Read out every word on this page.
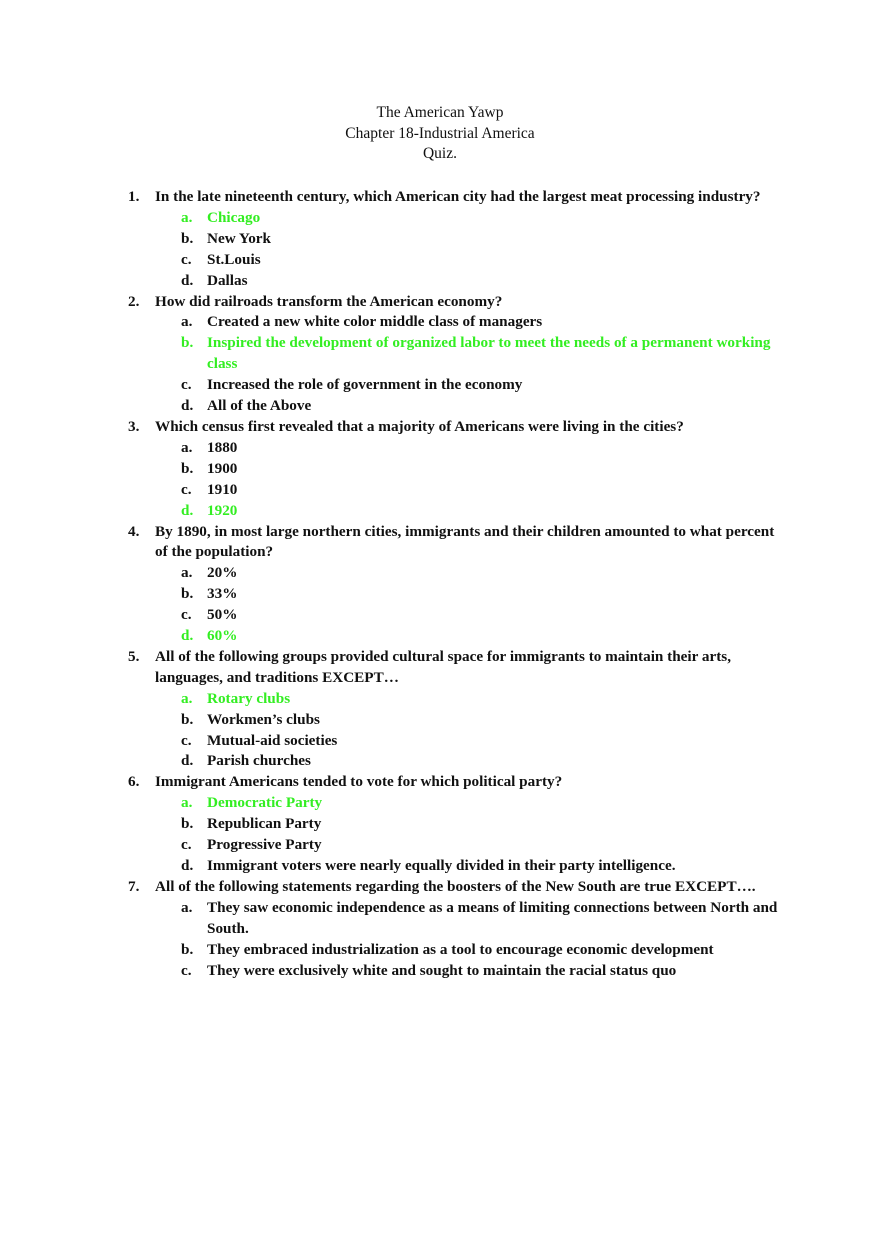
The American Yawp
Chapter 18-Industrial America
Quiz.
1. In the late nineteenth century, which American city had the largest meat processing industry?
a. Chicago
b. New York
c. St.Louis
d. Dallas
2. How did railroads transform the American economy?
a. Created a new white color middle class of managers
b. Inspired the development of organized labor to meet the needs of a permanent working class
c. Increased the role of government in the economy
d. All of the Above
3. Which census first revealed that a majority of Americans were living in the cities?
a. 1880
b. 1900
c. 1910
d. 1920
4. By 1890, in most large northern cities, immigrants and their children amounted to what percent of the population?
a. 20%
b. 33%
c. 50%
d. 60%
5. All of the following groups provided cultural space for immigrants to maintain their arts, languages, and traditions EXCEPT…
a. Rotary clubs
b. Workmen’s clubs
c. Mutual-aid societies
d. Parish churches
6. Immigrant Americans tended to vote for which political party?
a. Democratic Party
b. Republican Party
c. Progressive Party
d. Immigrant voters were nearly equally divided in their party intelligence.
7. All of the following statements regarding the boosters of the New South are true EXCEPT….
a. They saw economic independence as a means of limiting connections between North and South.
b. They embraced industrialization as a tool to encourage economic development
c. They were exclusively white and sought to maintain the racial status quo
